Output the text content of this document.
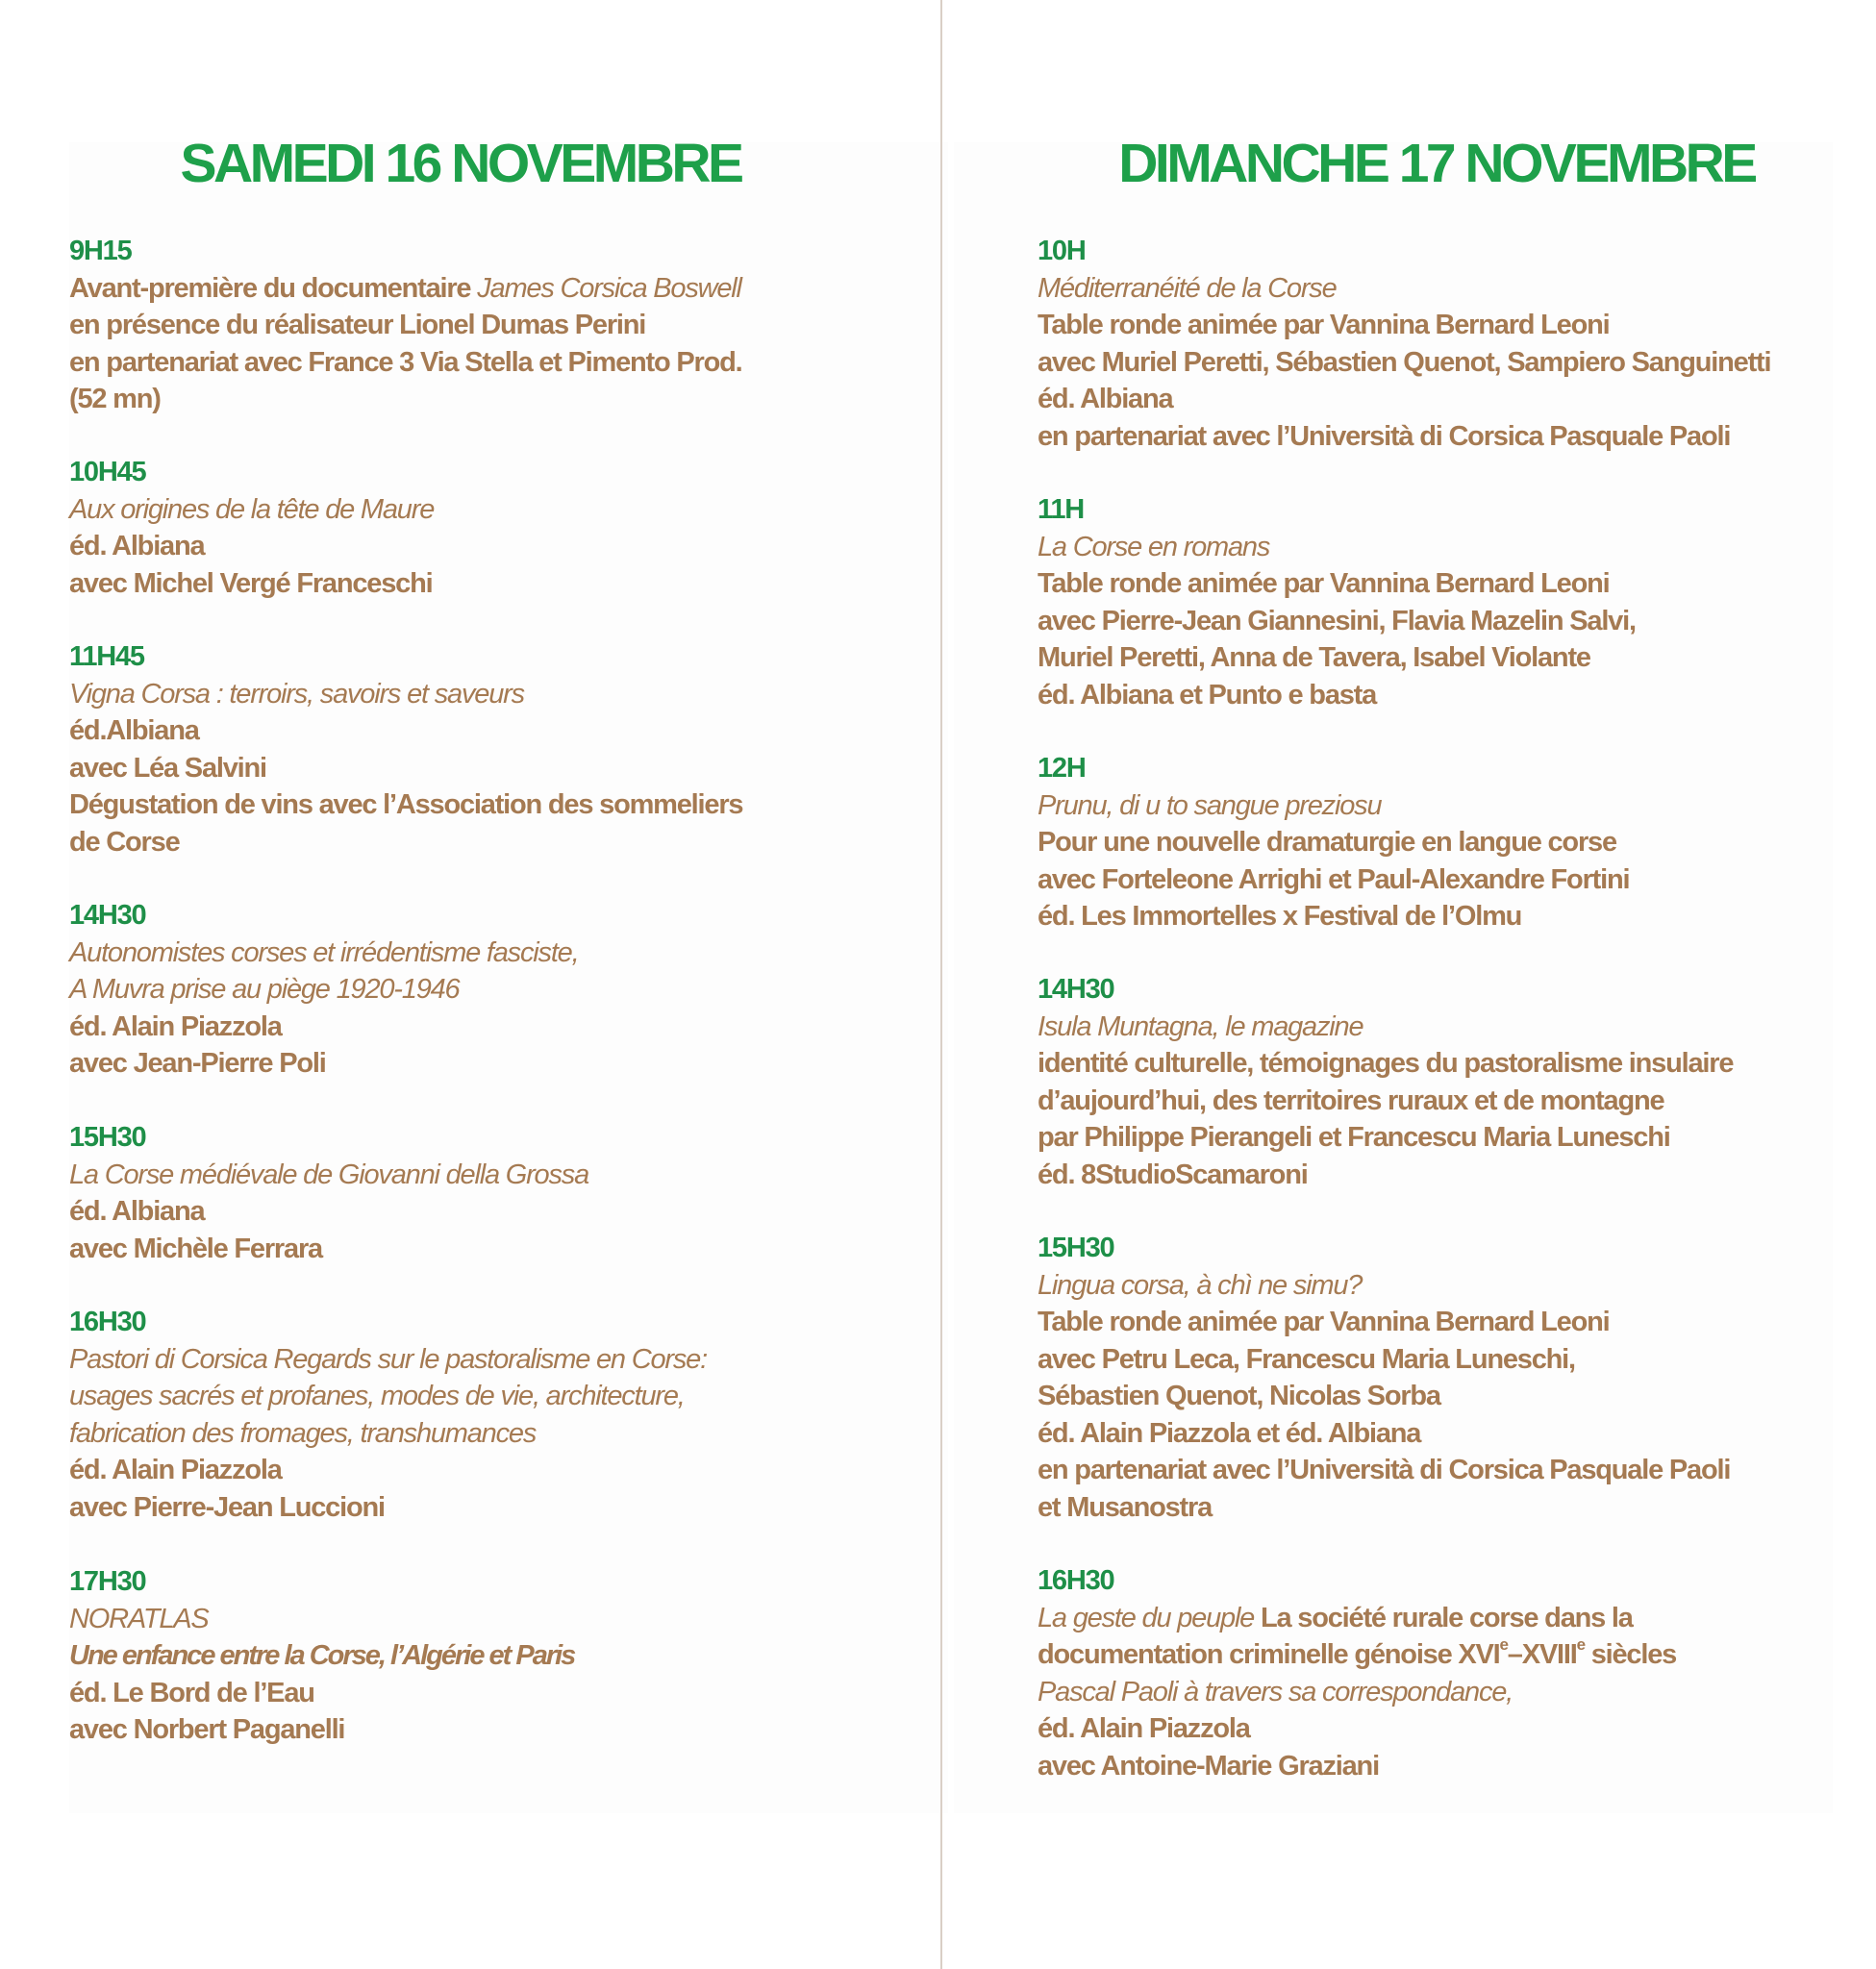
SAMEDI 16 NOVEMBRE	DIMANCHE 17 NOVEMBRE
9H15
Avant-première du documentaire James Corsica Boswell
en présence du réalisateur Lionel Dumas Perini
en partenariat avec France 3 Via Stella et Pimento Prod.
(52 mn)
10H45
Aux origines de la tête de Maure
éd. Albiana
avec Michel Vergé Franceschi
11H45
Vigna Corsa : terroirs, savoirs et saveurs
éd.Albiana
avec Léa Salvini
Dégustation de vins avec l’Association des sommeliers
de Corse
14H30
Autonomistes corses et irrédentisme fasciste,
A Muvra prise au piège 1920-1946
éd. Alain Piazzola
avec Jean-Pierre Poli
15H30
La Corse médiévale de Giovanni della Grossa
éd. Albiana
avec Michèle Ferrara
16H30
Pastori di Corsica Regards sur le pastoralisme en Corse:
usages sacrés et profanes, modes de vie, architecture,
fabrication des fromages, transhumances
éd. Alain Piazzola
avec Pierre-Jean Luccioni
17H30
NORATLAS
Une enfance entre la Corse, l’Algérie et Paris
éd. Le Bord de l’Eau
avec Norbert Paganelli
10H
Méditerranéité de la Corse
Table ronde animée par Vannina Bernard Leoni
avec Muriel Peretti, Sébastien Quenot, Sampiero Sanguinetti
éd. Albiana
en partenariat avec l’Università di Corsica Pasquale Paoli
11H
La Corse en romans
Table ronde animée par Vannina Bernard Leoni
avec Pierre-Jean Giannesini, Flavia Mazelin Salvi,
Muriel Peretti, Anna de Tavera, Isabel Violante
éd. Albiana et Punto e basta
12H
Prunu, di u to sangue preziosu
Pour une nouvelle dramaturgie en langue corse
avec Forteleone Arrighi et Paul-Alexandre Fortini
éd. Les Immortelles x Festival de l’Olmu
14H30
Isula Muntagna, le magazine
identité culturelle, témoignages du pastoralisme insulaire
d’aujourd’hui, des territoires ruraux et de montagne
par Philippe Pierangeli et Francescu Maria Luneschi
éd. 8StudioScamaroni
15H30
Lingua corsa, à chì ne simu?
Table ronde animée par Vannina Bernard Leoni
avec Petru Leca, Francescu Maria Luneschi,
Sébastien Quenot, Nicolas Sorba
éd. Alain Piazzola et éd. Albiana
en partenariat avec l’Università di Corsica Pasquale Paoli
et Musanostra
16H30
La geste du peuple La société rurale corse dans la
documentation criminelle génoise XVIe–XVIIIe siècles
Pascal Paoli à travers sa correspondance,
éd. Alain Piazzola
avec Antoine-Marie Graziani
